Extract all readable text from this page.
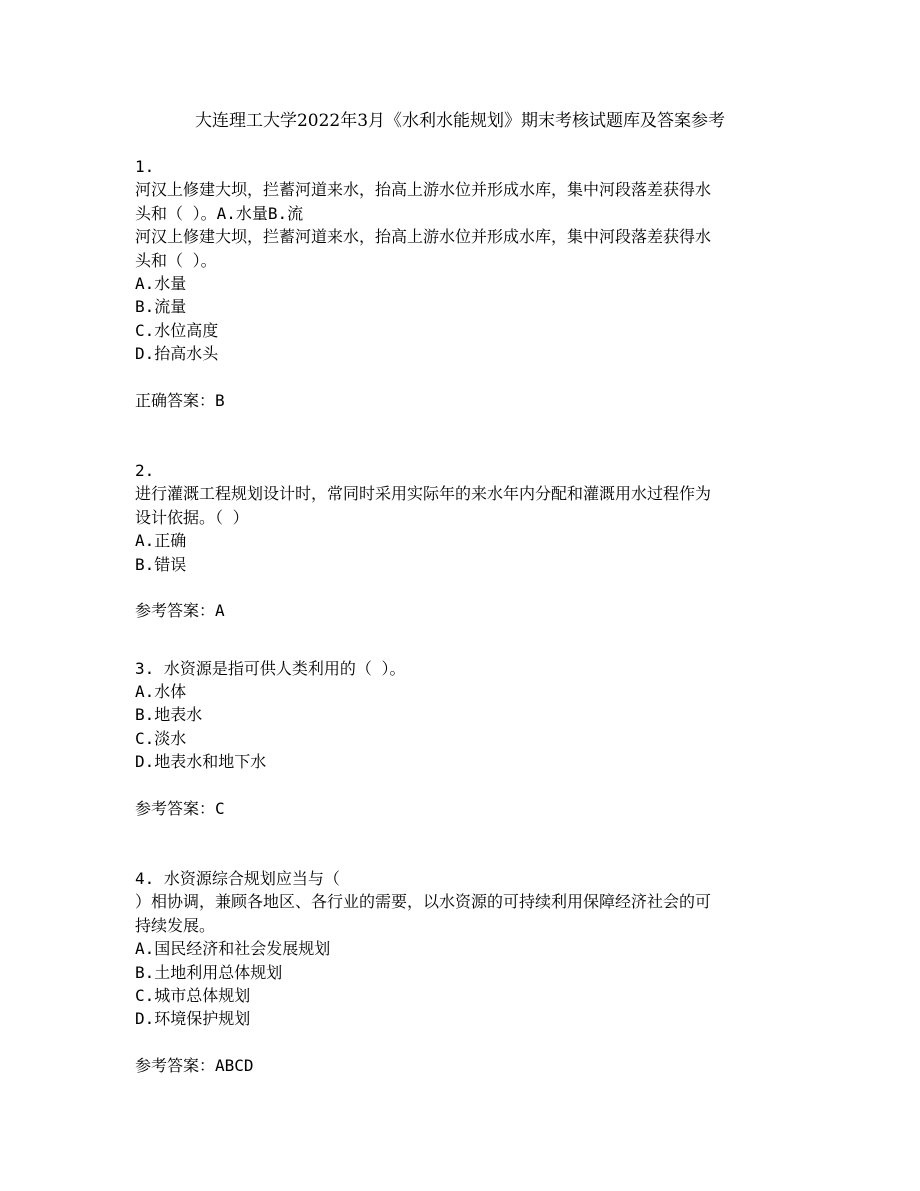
大连理工大学2022年3月《水利水能规划》期末考核试题库及答案参考
1.
河汉上修建大坝，拦蓄河道来水，抬高上游水位并形成水库，集中河段落差获得水
头和（ ）。A.水量B.流
河汉上修建大坝，拦蓄河道来水，抬高上游水位并形成水库，集中河段落差获得水
头和（ ）。
A.水量
B.流量
C.水位高度
D.抬高水头
正确答案：B
2.
进行灌溉工程规划设计时，常同时采用实际年的来水年内分配和灌溉用水过程作为
设计依据。（ ）
A.正确
B.错误
参考答案：A
3. 水资源是指可供人类利用的（ ）。
A.水体
B.地表水
C.淡水
D.地表水和地下水
参考答案：C
4. 水资源综合规划应当与（
）相协调，兼顾各地区、各行业的需要，以水资源的可持续利用保障经济社会的可
持续发展。
A.国民经济和社会发展规划
B.土地利用总体规划
C.城市总体规划
D.环境保护规划
参考答案：ABCD
